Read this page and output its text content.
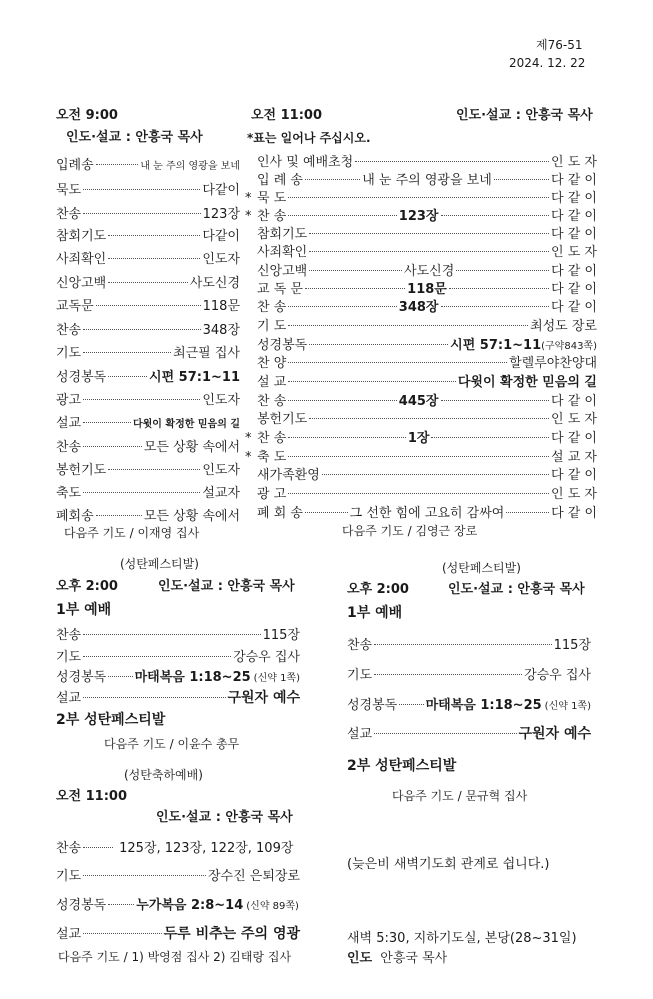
제76-51
2024. 12. 22
오전 9:00
인도·설교 : 안흥국 목사
입례송	내 눈 주의 영광을 보네
묵도	다같이
찬송	123장
참회기도	다같이
사죄확인	인도자
신앙고백	사도신경
교독문	118문
찬송	348장
기도	최근필 집사
성경봉독	시편 57:1~11
광고	인도자
설교	다윗이 확정한 믿음의 길
찬송	모든 상황 속에서
봉헌기도	인도자
축도	설교자
폐회송	모든 상황 속에서
다음주 기도 / 이재영 집사
오전 11:00	인도·설교 : 안흥국 목사
*표는 일어나 주십시오.
인사 및 예배초청	인 도 자
입 례 송	내 눈 주의 영광을 보네	다 같 이
* 묵 도	다 같 이
* 찬 송	123장	다 같 이
참회기도	다 같 이
사죄확인	인 도 자
신앙고백	사도신경	다 같 이
교 독 문	118문	다 같 이
찬 송	348장	다 같 이
기 도	최성도 장로
성경봉독	시편 57:1~11 (구약843쪽)
찬 양	할렐루야찬양대
설 교	다윗이 확정한 믿음의 길
찬 송	445장	다 같 이
봉헌기도	인 도 자
* 찬 송	1장	다 같 이
* 축 도	설 교 자
새가족환영	다 같 이
광 고	인 도 자
폐 회 송	그 선한 힘에 고요히 감싸여	다 같 이
다음주 기도 / 김영근 장로
(성탄페스티발)
오후 2:00	인도·설교 : 안흥국 목사
1부 예배
찬송	115장
기도	강승우 집사
성경봉독 마태복음 1:18~25 (신약 1쪽)
설교	구원자 예수
2부 성탄페스티발
다음주 기도 / 이윤수 총무
(성탄축하예배)
오전 11:00
인도·설교 : 안흥국 목사
찬송	125장, 123장, 122장, 109장
기도	장수진 은퇴장로
성경봉독 누가복음 2:8~14 (신약 89쪽)
설교	두루 비추는 주의 영광
다음주 기도 / 1) 박영점 집사 2) 김태랑 집사
(성탄페스티발)
오후 2:00	인도·설교 : 안흥국 목사
1부 예배
찬송	115장
기도	강승우 집사
성경봉독 마태복음 1:18~25 (신약 1쪽)
설교	구원자 예수
2부 성탄페스티발
다음주 기도 / 문규혁 집사
(늦은비 새벽기도회 관계로 쉽니다.)
새벽 5:30, 지하기도실, 본당(28~31일)
인도 안흥국 목사
